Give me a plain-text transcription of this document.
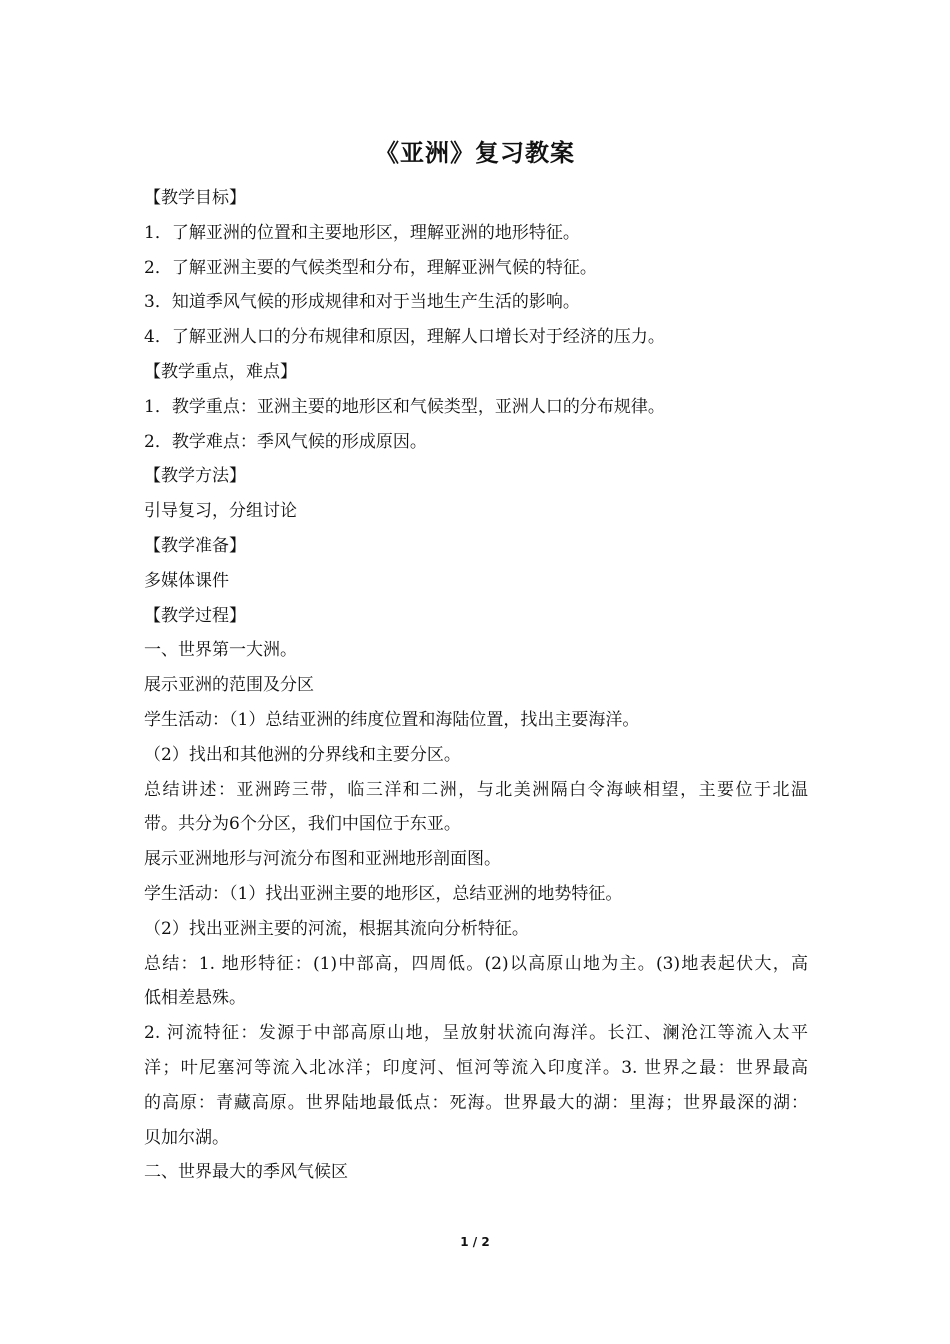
《亚洲》复习教案
【教学目标】
1．了解亚洲的位置和主要地形区，理解亚洲的地形特征。
2．了解亚洲主要的气候类型和分布，理解亚洲气候的特征。
3．知道季风气候的形成规律和对于当地生产生活的影响。
4．了解亚洲人口的分布规律和原因，理解人口增长对于经济的压力。
【教学重点，难点】
1．教学重点：亚洲主要的地形区和气候类型，亚洲人口的分布规律。
2．教学难点：季风气候的形成原因。
【教学方法】
引导复习，分组讨论
【教学准备】
多媒体课件
【教学过程】
一、世界第一大洲。
展示亚洲的范围及分区
学生活动：（1）总结亚洲的纬度位置和海陆位置，找出主要海洋。
（2）找出和其他洲的分界线和主要分区。
总结讲述：亚洲跨三带，临三洋和二洲，与北美洲隔白令海峡相望，主要位于北温
带。共分为6个分区，我们中国位于东亚。
展示亚洲地形与河流分布图和亚洲地形剖面图。
学生活动：（1）找出亚洲主要的地形区，总结亚洲的地势特征。
（2）找出亚洲主要的河流，根据其流向分析特征。
总结：1. 地形特征：(1)中部高，四周低。(2)以高原山地为主。(3)地表起伏大，高
低相差悬殊。
2. 河流特征：发源于中部高原山地，呈放射状流向海洋。长江、澜沧江等流入太平
洋；叶尼塞河等流入北冰洋；印度河、恒河等流入印度洋。3. 世界之最：世界最高
的高原：青藏高原。世界陆地最低点：死海。世界最大的湖：里海；世界最深的湖：
贝加尔湖。
二、世界最大的季风气候区
1 / 2
